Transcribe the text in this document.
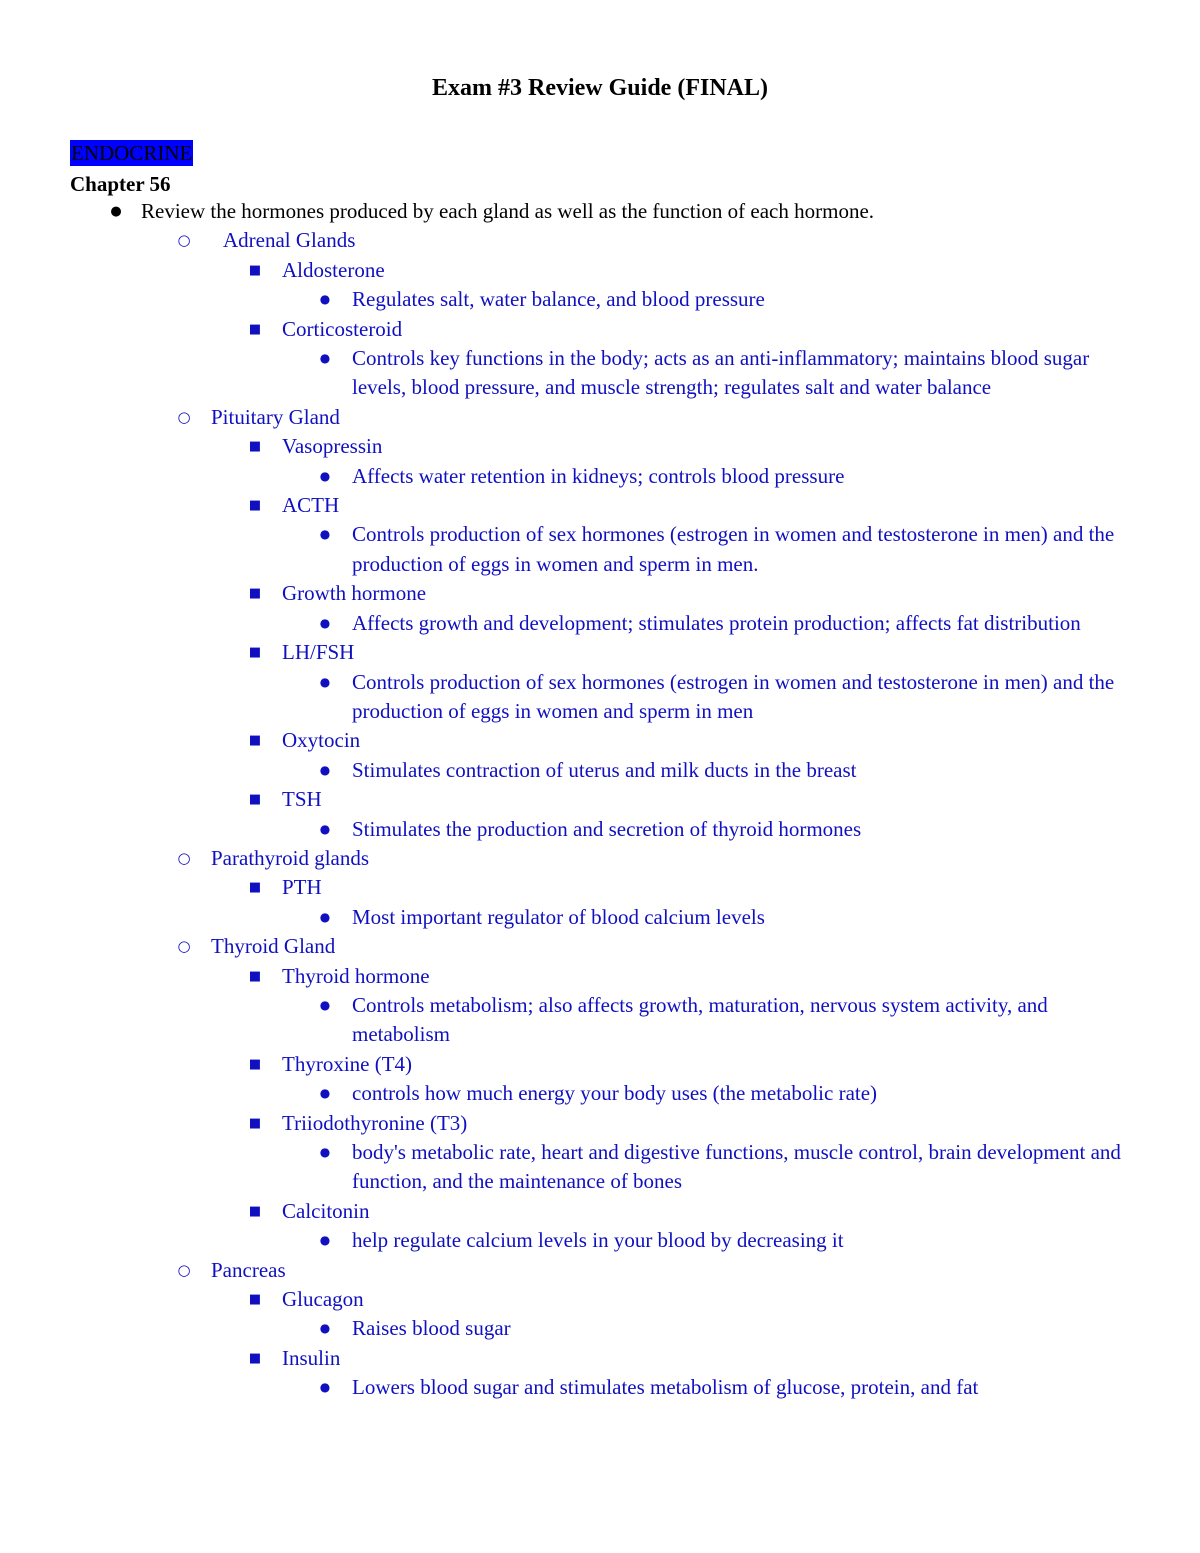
Exam #3 Review Guide (FINAL)
ENDOCRINE
Chapter 56
● Review the hormones produced by each gland as well as the function of each hormone.
○ Adrenal Glands
■ Aldosterone
● Regulates salt, water balance, and blood pressure
■ Corticosteroid
● Controls key functions in the body; acts as an anti-inflammatory; maintains blood sugar levels, blood pressure, and muscle strength; regulates salt and water balance
○ Pituitary Gland
■ Vasopressin
● Affects water retention in kidneys; controls blood pressure
■ ACTH
● Controls production of sex hormones (estrogen in women and testosterone in men) and the production of eggs in women and sperm in men.
■ Growth hormone
● Affects growth and development; stimulates protein production; affects fat distribution
■ LH/FSH
● Controls production of sex hormones (estrogen in women and testosterone in men) and the production of eggs in women and sperm in men
■ Oxytocin
● Stimulates contraction of uterus and milk ducts in the breast
■ TSH
● Stimulates the production and secretion of thyroid hormones
○ Parathyroid glands
■ PTH
● Most important regulator of blood calcium levels
○ Thyroid Gland
■ Thyroid hormone
● Controls metabolism; also affects growth, maturation, nervous system activity, and metabolism
■ Thyroxine (T4)
● controls how much energy your body uses (the metabolic rate)
■ Triiodothyronine (T3)
● body's metabolic rate, heart and digestive functions, muscle control, brain development and function, and the maintenance of bones
■ Calcitonin
● help regulate calcium levels in your blood by decreasing it
○ Pancreas
■ Glucagon
● Raises blood sugar
■ Insulin
● Lowers blood sugar and stimulates metabolism of glucose, protein, and fat
